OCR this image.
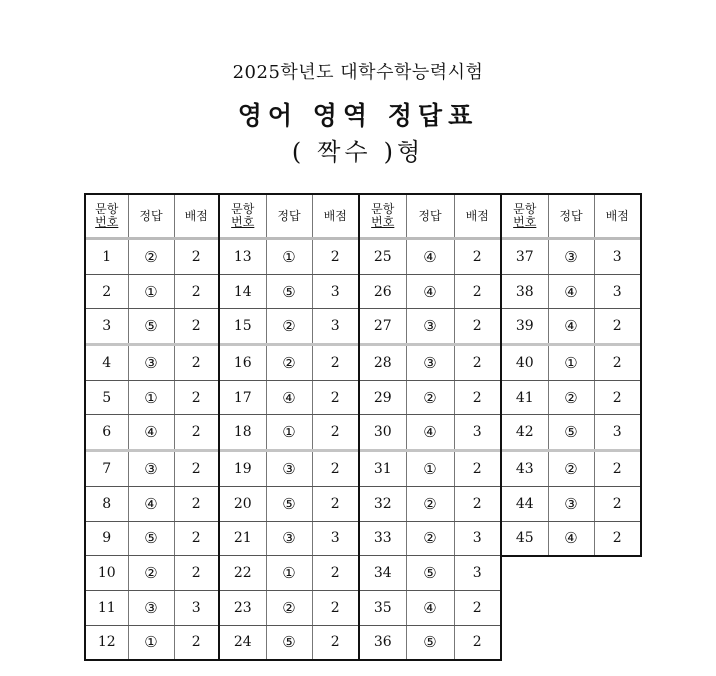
2025학년도 대학수학능력시험
영어 영역 정답표
( 짝수 )형
문항
번호	정답	배점
1	②	2
2	①	2
3	⑤	2
4	③	2
5	①	2
6	④	2
7	③	2
8	④	2
9	⑤	2
10	②	2
11	③	3
12	①	2
문항
번호	정답	배점
13	①	2
14	⑤	3
15	②	3
16	②	2
17	④	2
18	①	2
19	③	2
20	⑤	2
21	③	3
22	①	2
23	②	2
24	⑤	2
문항
번호	정답	배점
25	④	2
26	④	2
27	③	2
28	③	2
29	②	2
30	④	3
31	①	2
32	②	2
33	②	3
34	⑤	3
35	④	2
36	⑤	2
문항
번호	정답	배점
37	③	3
38	④	3
39	④	2
40	①	2
41	②	2
42	⑤	3
43	②	2
44	③	2
45	④	2
